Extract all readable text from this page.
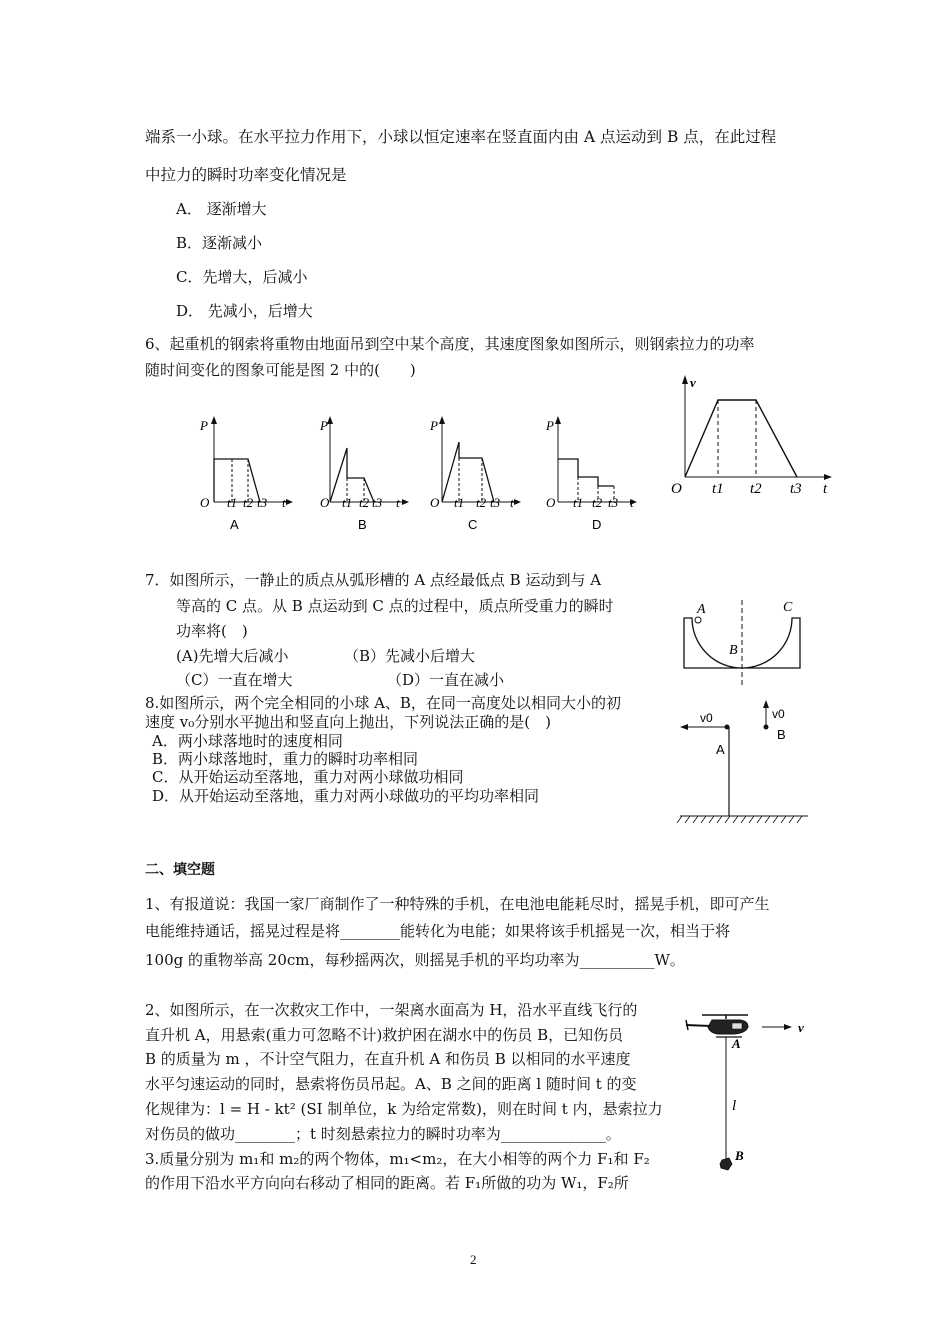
端系一小球。在水平拉力作用下，小球以恒定速率在竖直面内由 A 点运动到 B 点，在此过程
中拉力的瞬时功率变化情况是
A． 逐渐增大
B．逐渐减小
C．先增大，后减小
D． 先减小，后增大
6、起重机的钢索将重物由地面吊到空中某个高度，其速度图象如图所示，则钢索拉力的功率
随时间变化的图象可能是图 2 中的(　　)
P
O t1 t2 t3 t
A
P
O t1 t2 t3 t
B
P
O t1 t2 t3 t
C
P
O t1 t2 t3 t
D
v
O t1 t2 t3 t
7．如图所示，一静止的质点从弧形槽的 A 点经最低点 B 运动到与 A
等高的 C 点。从 B 点运动到 C 点的过程中，质点所受重力的瞬时
功率将(　)
(A)先增大后减小	（B）先减小后增大
（C）一直在增大	（D）一直在减小
A
B
C
8.如图所示，两个完全相同的小球 A、B，在同一高度处以相同大小的初
速度 v₀分别水平抛出和竖直向上抛出，下列说法正确的是(　)
A．两小球落地时的速度相同
B．两小球落地时，重力的瞬时功率相同
C．从开始运动至落地，重力对两小球做功相同
D．从开始运动至落地，重力对两小球做功的平均功率相同
v0	v0
A
B
二、填空题
1、有报道说：我国一家厂商制作了一种特殊的手机，在电池电能耗尽时，摇晃手机，即可产生
电能维持通话，摇晃过程是将________能转化为电能；如果将该手机摇晃一次，相当于将
100g 的重物举高 20cm，每秒摇两次，则摇晃手机的平均功率为__________W。
2、如图所示，在一次救灾工作中，一架离水面高为 H，沿水平直线飞行的
直升机 A，用悬索(重力可忽略不计)救护困在湖水中的伤员 B，已知伤员
B 的质量为 m ，不计空气阻力，在直升机 A 和伤员 B 以相同的水平速度
水平匀速运动的同时，悬索将伤员吊起。A、B 之间的距离 l 随时间 t 的变
化规律为：l = H - kt² (SI 制单位，k 为给定常数)，则在时间 t 内，悬索拉力
对伤员的做功________；t 时刻悬索拉力的瞬时功率为______________。
v
A
l
B
3.质量分别为 m₁和 m₂的两个物体，m₁<m₂，在大小相等的两个力 F₁和 F₂
的作用下沿水平方向向右移动了相同的距离。若 F₁所做的功为 W₁，F₂所
2
